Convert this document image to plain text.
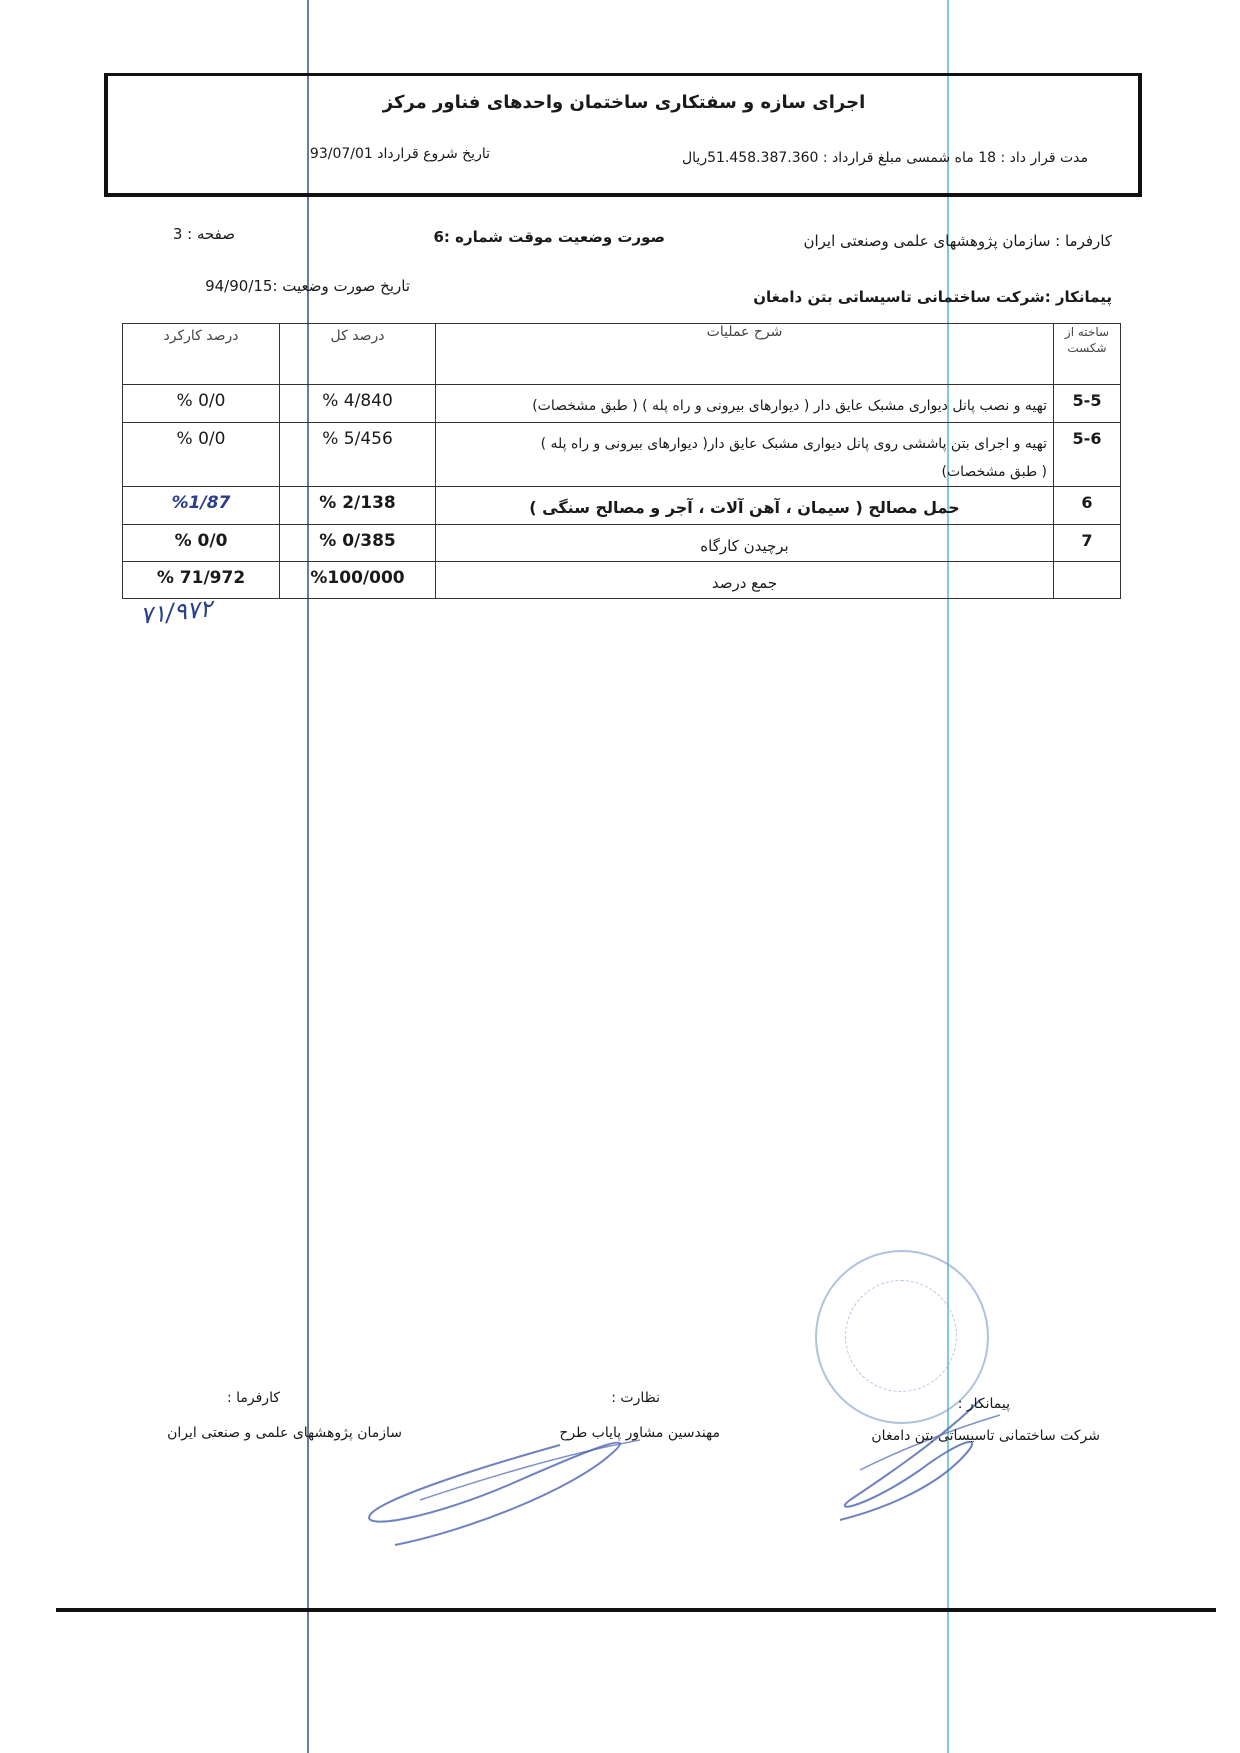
اجرای سازه و سفتکاری ساختمان واحدهای فناور مرکز
مدت قرار داد : 18 ماه شمسی مبلغ قرارداد : 51.458.387.360ریال
تاریخ شروع قرارداد 93/07/01
کارفرما : سازمان پژوهشهای علمی وصنعتی ایران
صورت وضعیت موقت شماره :6
صفحه : 3
پیمانکار :شرکت ساختمانی تاسیساتی بتن دامغان
تاریخ صورت وضعیت :94/90/15
درصد کارکرد	درصد کل	شرح عملیات	ساخته از شکست
% 0/0	% 4/840	تهیه و نصب پانل دیواری مشبک عایق دار ( دیوارهای بیرونی و راه پله ) ( طبق مشخصات)	5-5
% 0/0	% 5/456	تهیه و اجرای بتن پاششی روی پانل دیواری مشبک عایق دار( دیوارهای بیرونی و راه پله )
( طبق مشخصات)	5-6
%1/87	% 2/138	حمل مصالح ( سیمان ، آهن آلات ، آجر و مصالح سنگی )	6
% 0/0	% 0/385	برچیدن کارگاه	7
% 71/972	%100/000	جمع درصد	

۷۱/۹۷۲
کارفرما :
سازمان پژوهشهای علمی و صنعتی ایران
نظارت :
مهندسین مشاور پایاب طرح
پیمانکار :
شرکت ساختمانی تاسیساتی بتن دامغان
